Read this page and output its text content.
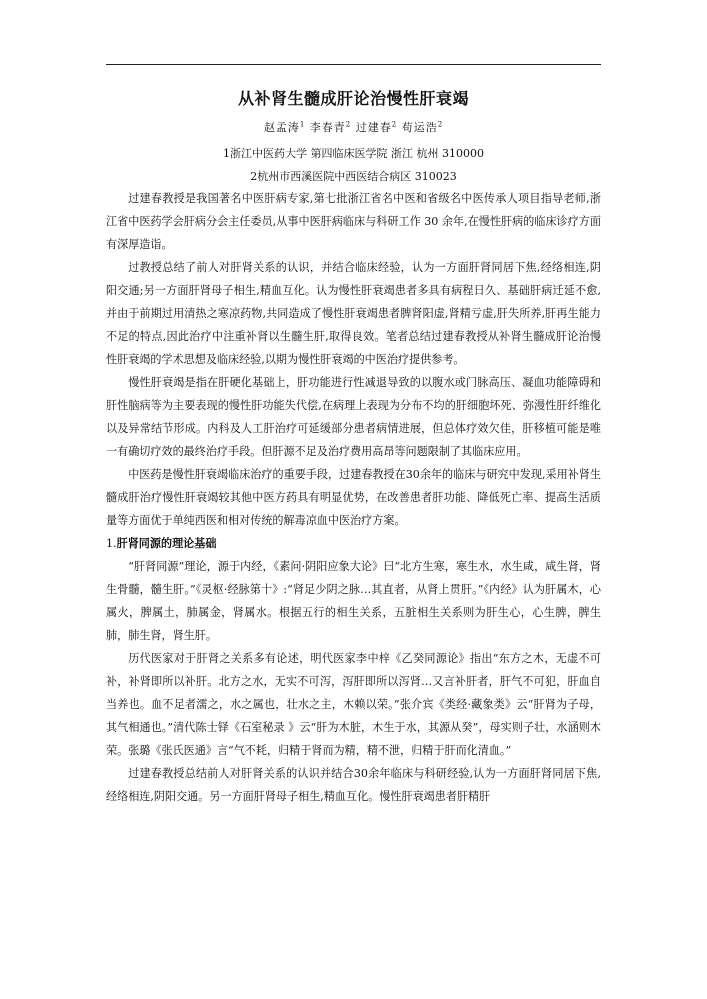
从补肾生髓成肝论治慢性肝衰竭
赵孟涛$^1$ 李春青$^2$ 过建春$^2$ 苟运浩$^2$
1浙江中医药大学 第四临床医学院 浙江 杭州 310000
2杭州市西溪医院中西医结合病区 310023

过建春教授是我国著名中医肝病专家,第七批浙江省名中医和省级名中医传承人项目指导老师,浙江省中医药学会肝病分会主任委员,从事中医肝病临床与科研工作 30 余年,在慢性肝病的临床诊疗方面有深厚造诣。

过教授总结了前人对肝肾关系的认识，并结合临床经验，认为一方面肝肾同居下焦,经络相连,阴阳交通;另一方面肝肾母子相生,精血互化。认为慢性肝衰竭患者多具有病程日久、基础肝病迁延不愈,并由于前期过用清热之寒凉药物,共同造成了慢性肝衰竭患者脾肾阳虚,肾精亏虚,肝失所养,肝再生能力不足的特点,因此治疗中注重补肾以生髓生肝,取得良效。笔者总结过建春教授从补肾生髓成肝论治慢性肝衰竭的学术思想及临床经验,以期为慢性肝衰竭的中医治疗提供参考。

慢性肝衰竭是指在肝硬化基础上，肝功能进行性减退导致的以腹水或门脉高压、凝血功能障碍和肝性脑病等为主要表现的慢性肝功能失代偿,在病理上表现为分布不均的肝细胞坏死、弥漫性肝纤维化以及异常结节形成。内科及人工肝治疗可延缓部分患者病情进展，但总体疗效欠佳，肝移植可能是唯一有确切疗效的最终治疗手段。但肝源不足及治疗费用高昂等问题限制了其临床应用。

中医药是慢性肝衰竭临床治疗的重要手段，过建春教授在30余年的临床与研究中发现,采用补肾生髓成肝治疗慢性肝衰竭较其他中医方药具有明显优势，在改善患者肝功能、降低死亡率、提高生活质量等方面优于单纯西医和相对传统的解毒凉血中医治疗方案。

1.肝肾同源的理论基础

“肝肾同源”理论，源于内经，《素问·阴阳应象大论》曰“北方生寒，寒生水，水生咸，咸生肾，肾生骨髓，髓生肝。”《灵枢·经脉第十》:“肾足少阴之脉…其直者，从肾上贯肝。”《内经》认为肝属木，心属火，脾属土，肺属金，肾属水。根据五行的相生关系，五脏相生关系则为肝生心，心生脾，脾生肺，肺生肾，肾生肝。

历代医家对于肝肾之关系多有论述，明代医家李中梓《乙癸同源论》指出“东方之木，无虚不可补，补肾即所以补肝。北方之水，无实不可泻，泻肝即所以泻肾…又言补肝者，肝气不可犯，肝血自当养也。血不足者濡之，水之属也，壮水之主，木赖以荣。”张介宾《类经·藏象类》云“肝肾为子母，其气相通也。”清代陈士铎《石室秘录 》云“肝为木脏，木生于水，其源从癸”，母实则子壮，水涵则木荣。张璐《张氏医通》言“气不耗，归精于肾而为精，精不泄，归精于肝而化清血。”

过建春教授总结前人对肝肾关系的认识并结合30余年临床与科研经验,认为一方面肝肾同居下焦,经络相连,阴阳交通。另一方面肝肾母子相生,精血互化。慢性肝衰竭患者肝精肝
